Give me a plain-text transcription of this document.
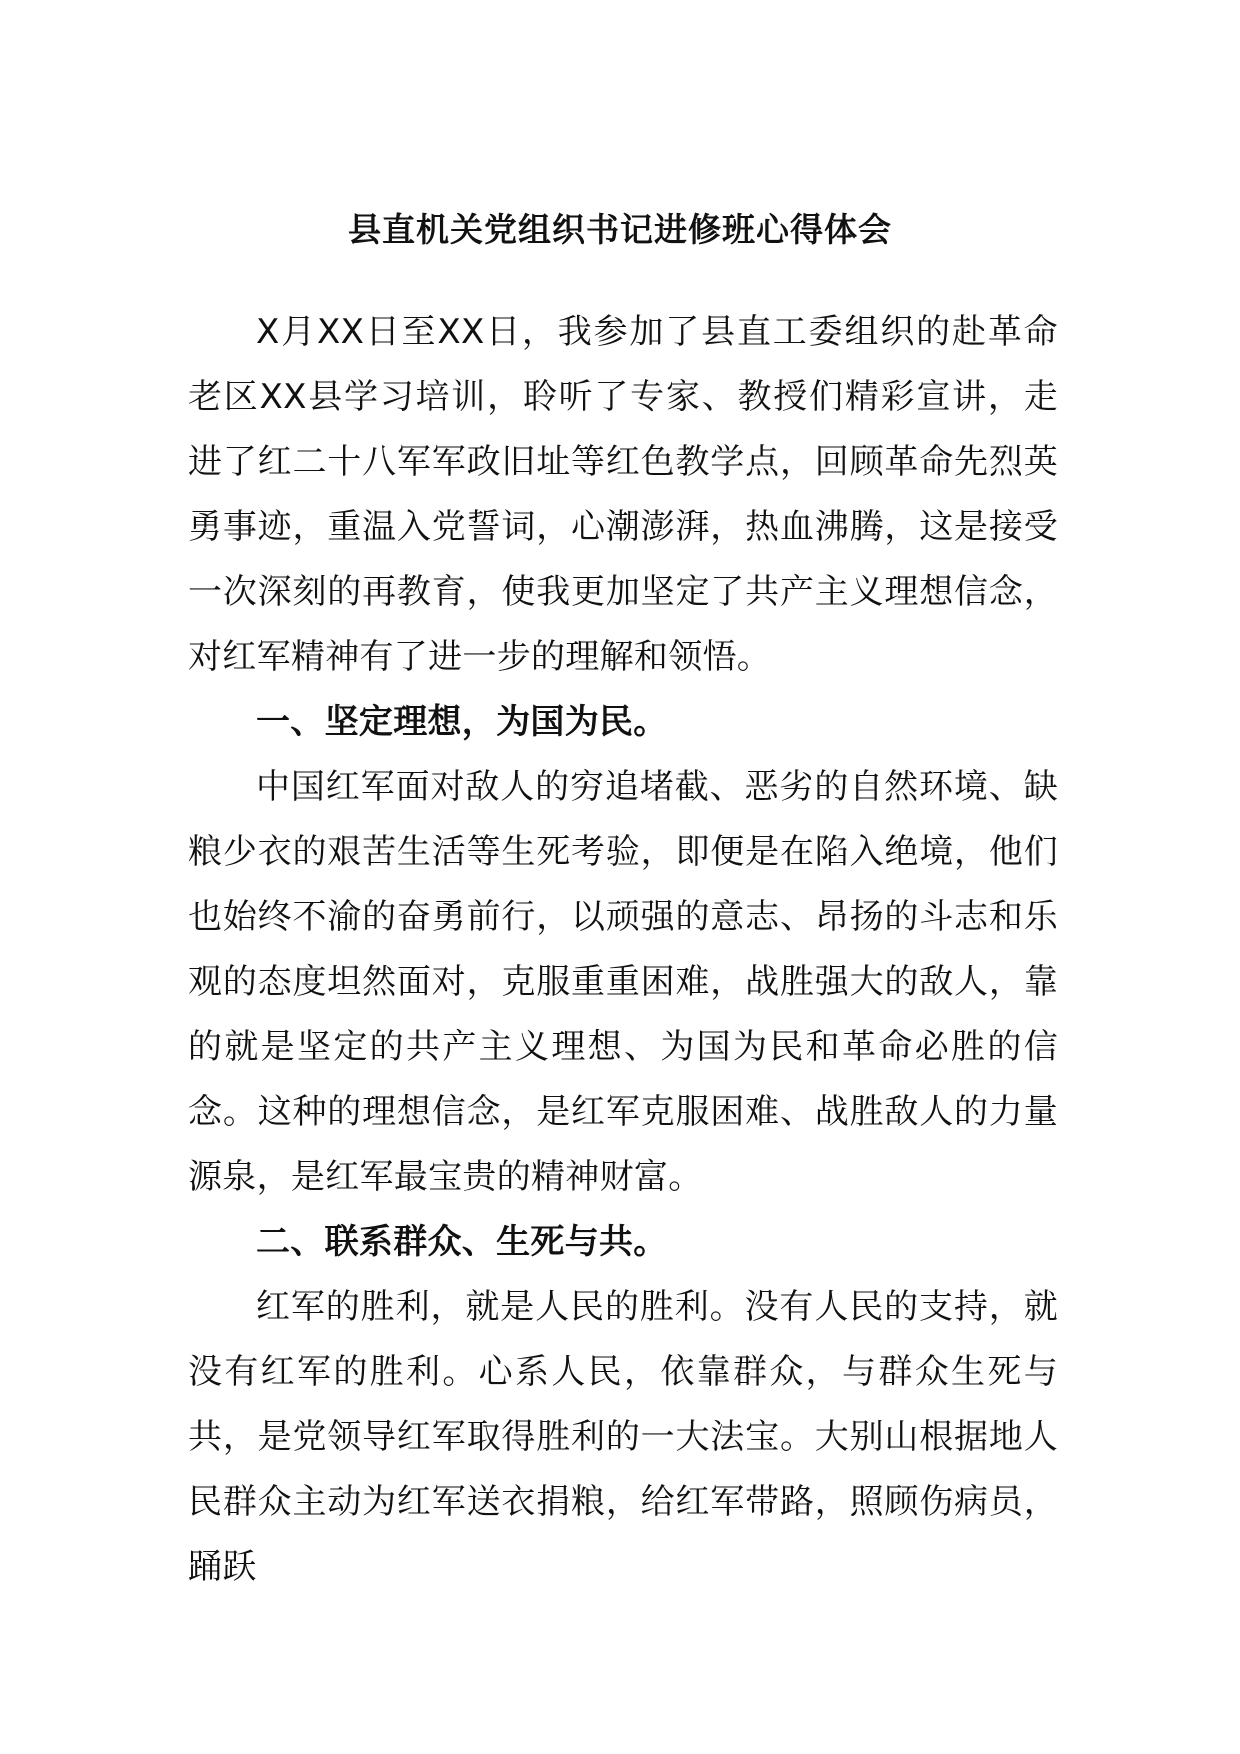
县直机关党组织书记进修班心得体会

X月XX日至XX日，我参加了县直工委组织的赴革命老区XX县学习培训，聆听了专家、教授们精彩宣讲，走进了红二十八军军政旧址等红色教学点，回顾革命先烈英勇事迹，重温入党誓词，心潮澎湃，热血沸腾，这是接受一次深刻的再教育，使我更加坚定了共产主义理想信念，对红军精神有了进一步的理解和领悟。

一、坚定理想，为国为民。

中国红军面对敌人的穷追堵截、恶劣的自然环境、缺粮少衣的艰苦生活等生死考验，即便是在陷入绝境，他们也始终不渝的奋勇前行，以顽强的意志、昂扬的斗志和乐观的态度坦然面对，克服重重困难，战胜强大的敌人，靠的就是坚定的共产主义理想、为国为民和革命必胜的信念。这种的理想信念，是红军克服困难、战胜敌人的力量源泉，是红军最宝贵的精神财富。

二、联系群众、生死与共。

红军的胜利，就是人民的胜利。没有人民的支持，就没有红军的胜利。心系人民，依靠群众，与群众生死与共，是党领导红军取得胜利的一大法宝。大别山根据地人民群众主动为红军送衣捐粮，给红军带路，照顾伤病员，踊跃
